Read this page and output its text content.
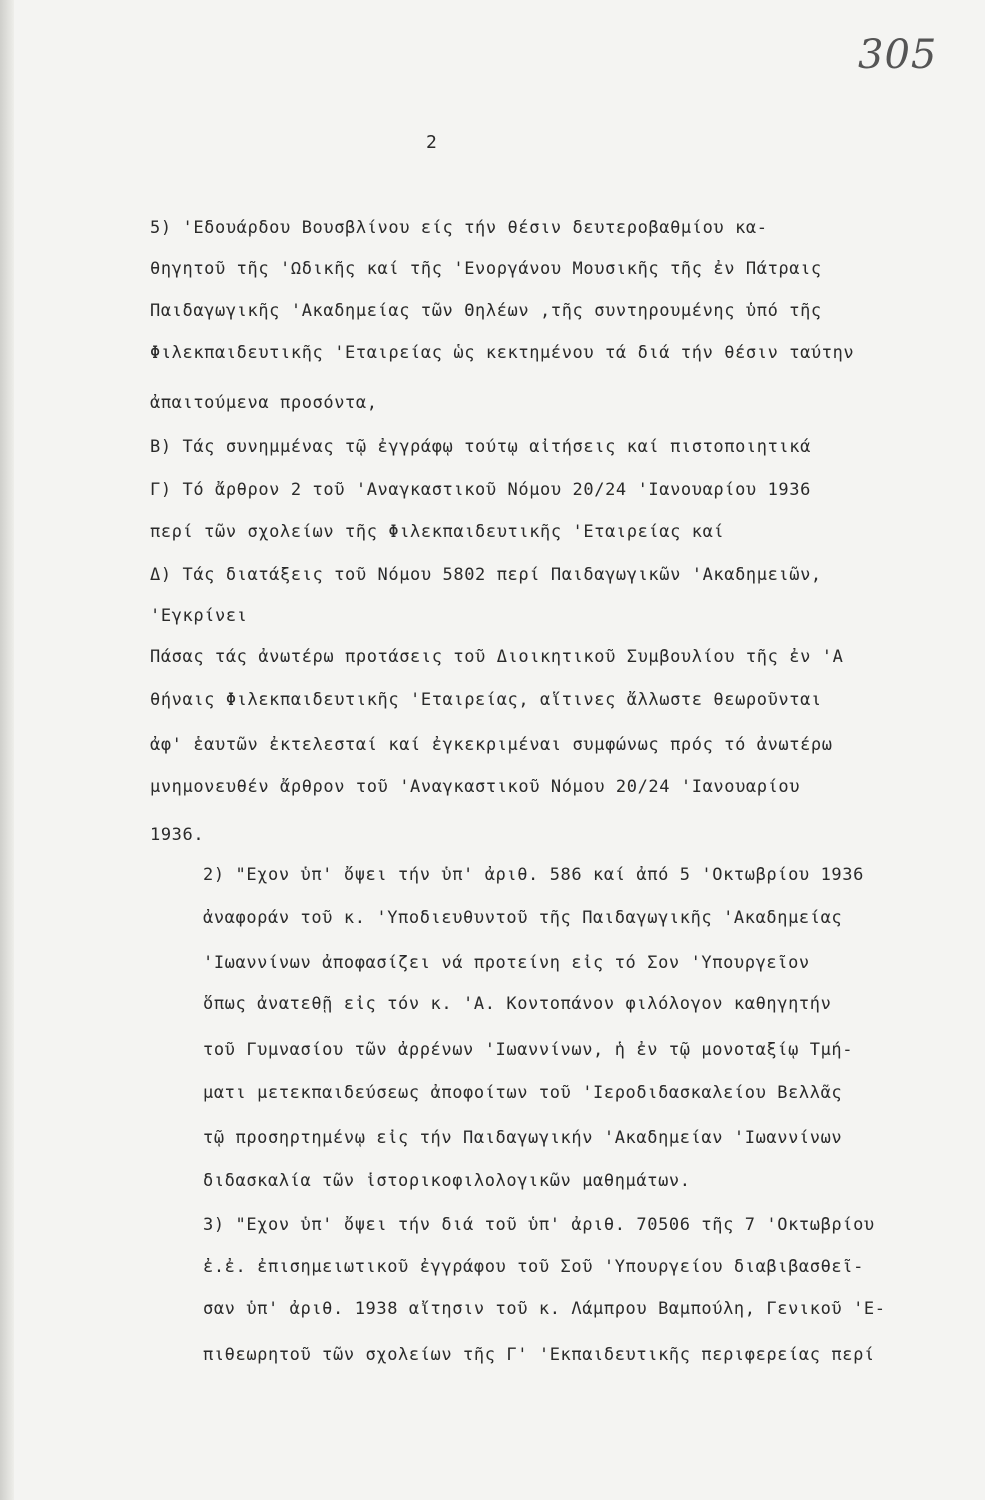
305
2
5) 'Εδουάρδου Βουσβλίνου είς τήν θέσιν δευτεροβαθμίου κα-
θηγητοῦ τῆς 'Ωδικῆς καί τῆς 'Ενοργάνου Μουσικῆς τῆς ἐν Πάτραις
Παιδαγωγικῆς 'Ακαδημείας τῶν Θηλέων ,τῆς συντηρουμένης ὑπό τῆς
Φιλεκπαιδευτικῆς 'Εταιρείας ὡς κεκτημένου τά διά τήν θέσιν ταύτην
ἀπαιτούμενα προσόντα,
Β) Τάς συνημμένας τῷ ἐγγράφῳ τούτῳ αἰτήσεις καί πιστοποιητικά
Γ) Τό ἄρθρον 2 τοῦ 'Αναγκαστικοῦ Νόμου 20/24 'Ιανουαρίου 1936
περί τῶν σχολείων τῆς Φιλεκπαιδευτικῆς 'Εταιρείας καί
Δ) Τάς διατάξεις τοῦ Νόμου 5802 περί Παιδαγωγικῶν 'Ακαδημειῶν,
'Εγκρίνει
Πάσας τάς ἀνωτέρω προτάσεις τοῦ Διοικητικοῦ Συμβουλίου τῆς ἐν 'Α
θήναις Φιλεκπαιδευτικῆς 'Εταιρείας, αἵτινες ἄλλωστε θεωροῦνται
ἀφ' ἑαυτῶν ἐκτελεσταί καί ἐγκεκριμέναι συμφώνως πρός τό ἀνωτέρω
μνημονευθέν ἄρθρον τοῦ 'Αναγκαστικοῦ Νόμου 20/24 'Ιανουαρίου
1936.
2) "Εχον ὑπ' ὄψει τήν ὑπ' ἀριθ. 586 καί ἀπό 5 'Οκτωβρίου 1936
ἀναφοράν τοῦ κ. 'Υποδιευθυντοῦ τῆς Παιδαγωγικῆς 'Ακαδημείας
'Ιωαννίνων ἀποφασίζει νά προτείνη εἰς τό Σον 'Υπουργεῖον
ὅπως ἀνατεθῇ εἰς τόν κ. 'Α. Κοντοπάνον φιλόλογον καθηγητήν
τοῦ Γυμνασίου τῶν ἀρρένων 'Ιωαννίνων, ἡ ἐν τῷ μονοταξίῳ Τμή-
ματι μετεκπαιδεύσεως ἀποφοίτων τοῦ 'Ιεροδιδασκαλείου Βελλᾶς
τῷ προσηρτημένῳ εἰς τήν Παιδαγωγικήν 'Ακαδημείαν 'Ιωαννίνων
διδασκαλία τῶν ἱστορικοφιλολογικῶν μαθημάτων.
3) "Εχον ὑπ' ὄψει τήν διά τοῦ ὑπ' ἀριθ. 70506 τῆς 7 'Οκτωβρίου
ἐ.ἐ. ἐπισημειωτικοῦ ἐγγράφου τοῦ Σοῦ 'Υπουργείου διαβιβασθεῖ-
σαν ὑπ' ἀριθ. 1938 αἴτησιν τοῦ κ. Λάμπρου Βαμπούλη, Γενικοῦ 'Ε-
πιθεωρητοῦ τῶν σχολείων τῆς Γ' 'Εκπαιδευτικῆς περιφερείας περί
